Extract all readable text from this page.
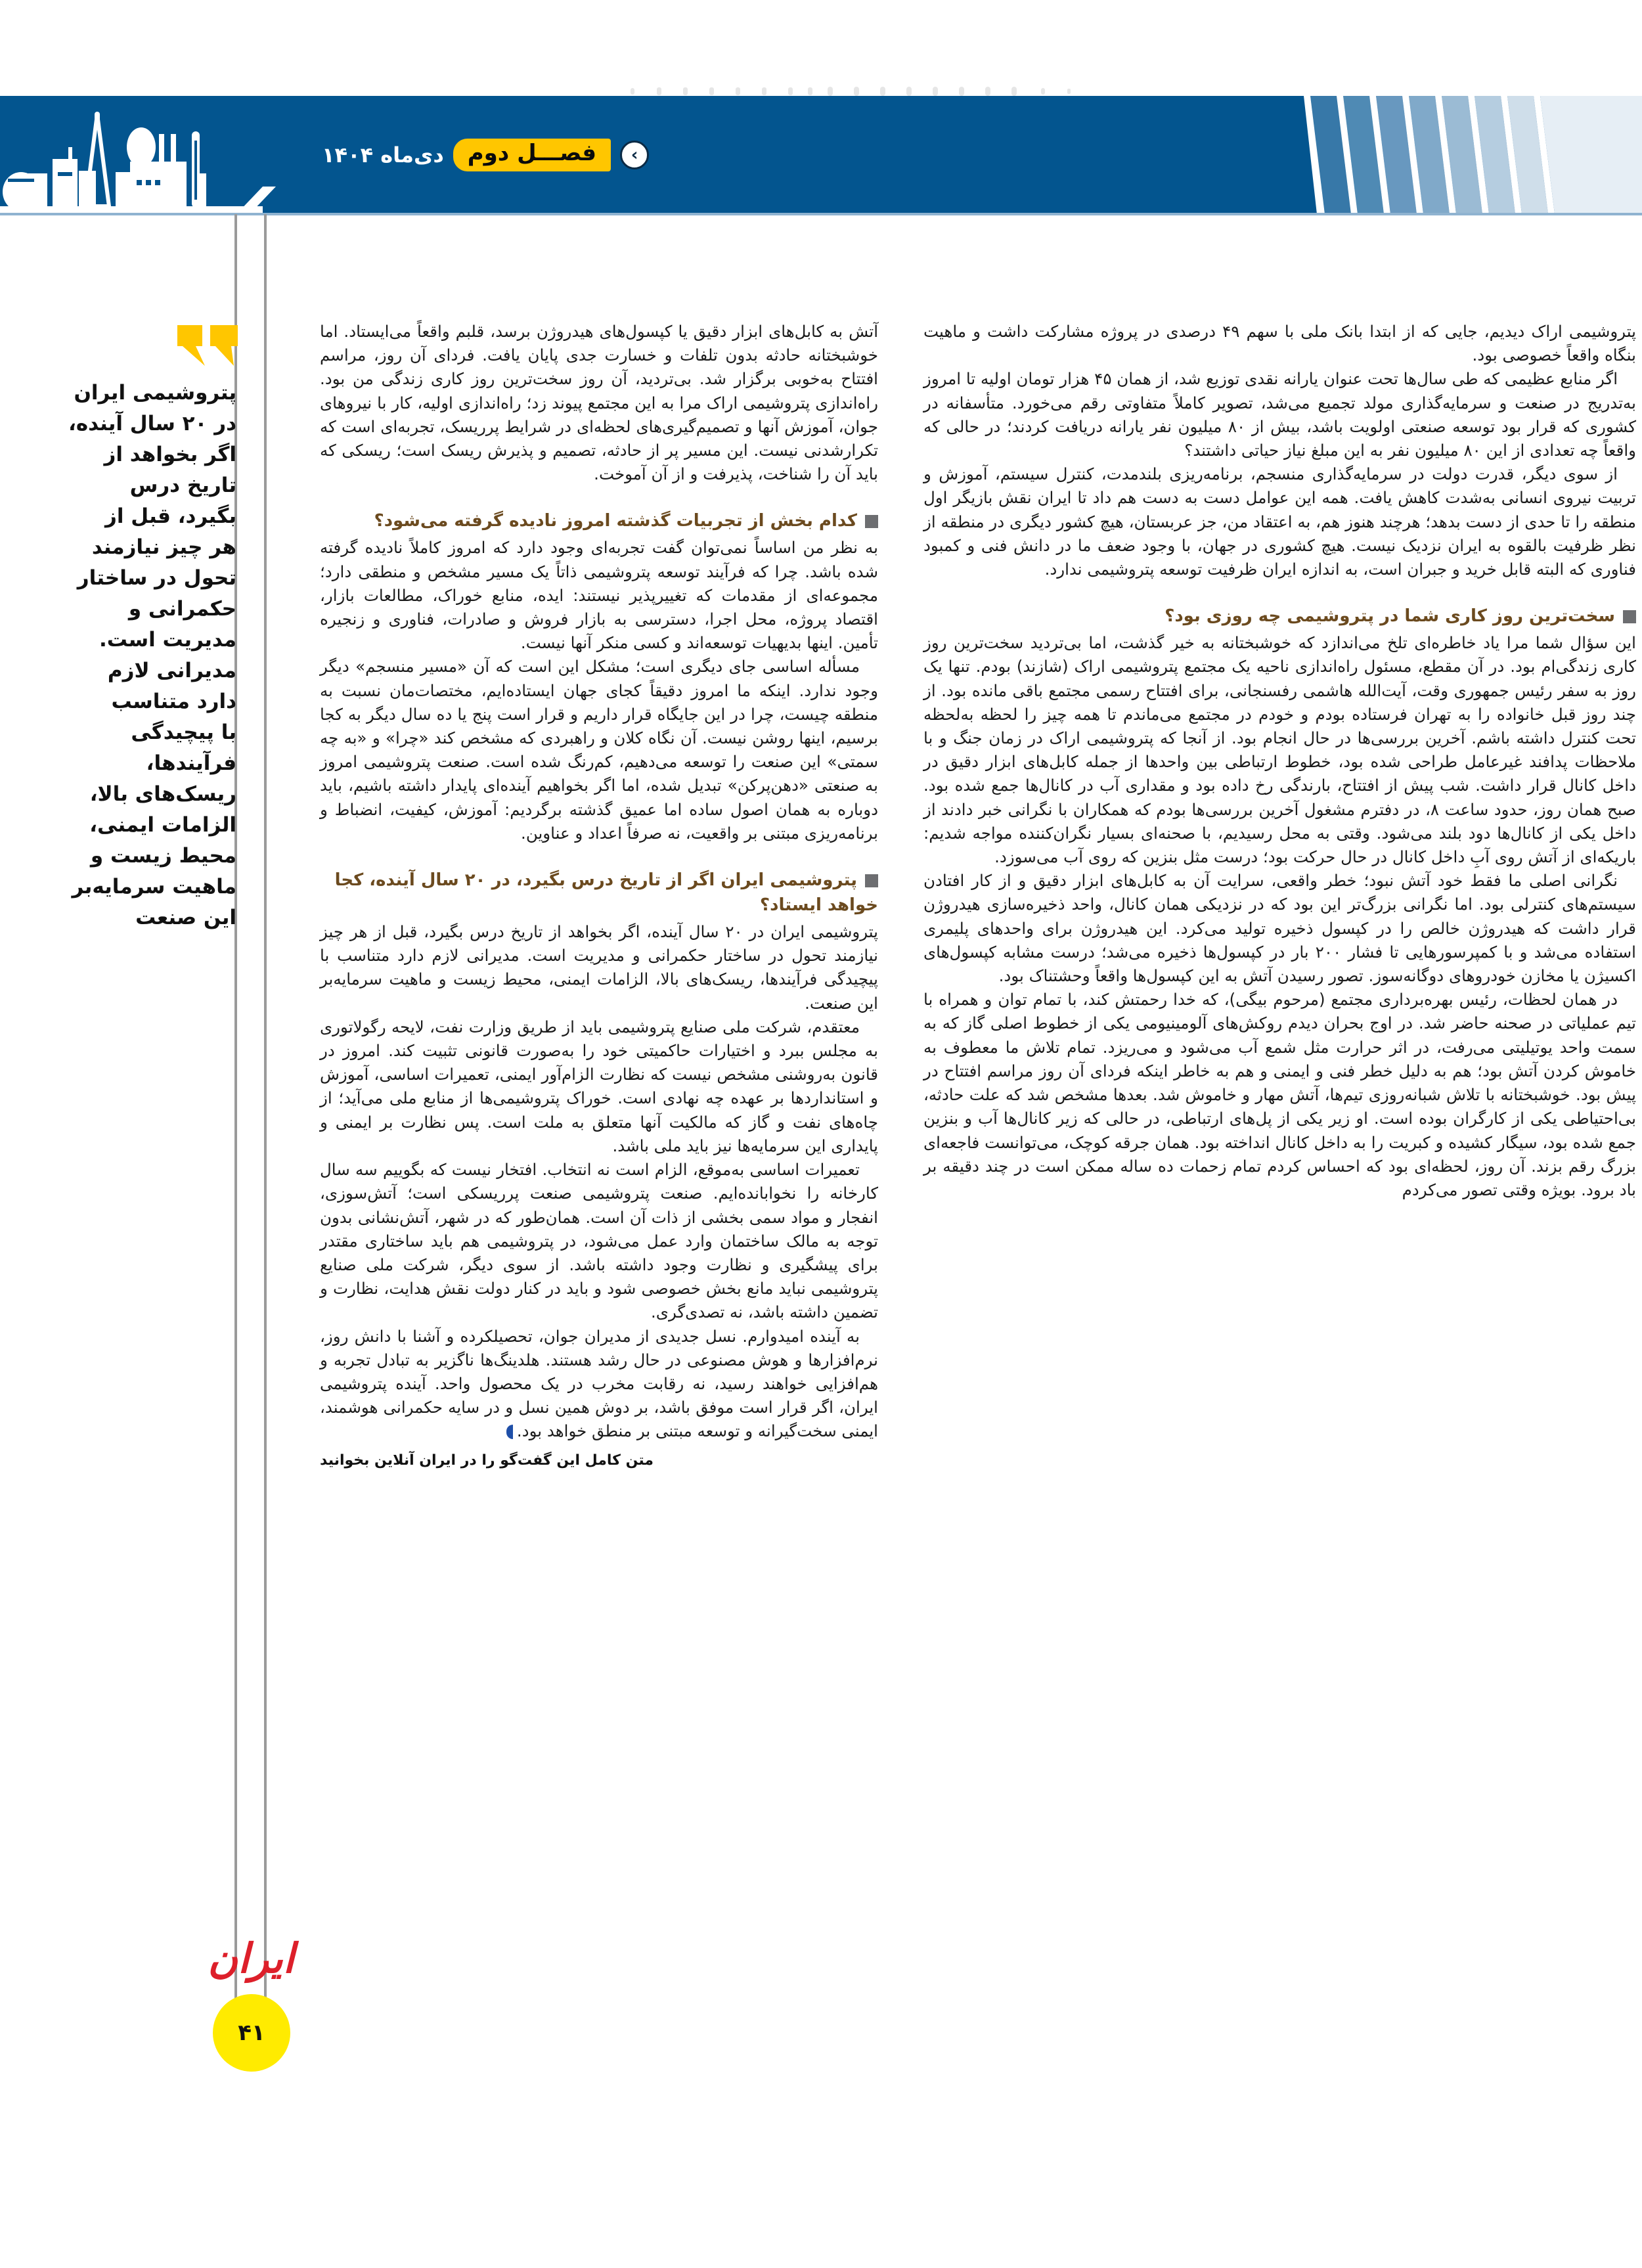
‹
فصـــل دوم
دی‌ماه ۱۴۰۴
پتروشیمی ایران
در ۲۰ سال آینده،
اگر بخواهد از
تاریخ درس
بگیرد، قبل از
هر چیز نیازمند
تحول در ساختار
حکمرانی و
مدیریت است.
مدیرانی لازم
دارد متناسب
با پیچیدگی
فرآیندها،
ریسک‌های بالا،
الزامات ایمنی،
محیط زیست و
ماهیت سرمایه‌بر
این صنعت

پتروشیمی اراک دیدیم، جایی که از ابتدا بانک ملی با سهم ۴۹ درصدی در پروژه مشارکت داشت و ماهیت بنگاه واقعاً خصوصی بود.

اگر منابع عظیمی که طی سال‌ها تحت عنوان یارانه نقدی توزیع شد، از همان ۴۵ هزار تومان اولیه تا امروز به‌تدریج در صنعت و سرمایه‌گذاری مولد تجمیع می‌شد، تصویر کاملاً متفاوتی رقم می‌خورد. متأسفانه در کشوری که قرار بود توسعه صنعتی اولویت باشد، بیش از ۸۰ میلیون نفر یارانه دریافت کردند؛ در حالی که واقعاً چه تعدادی از این ۸۰ میلیون نفر به این مبلغ نیاز حیاتی داشتند؟

از سوی دیگر، قدرت دولت در سرمایه‌گذاری منسجم، برنامه‌ریزی بلندمدت، کنترل سیستم، آموزش و تربیت نیروی انسانی به‌شدت کاهش یافت. همه این عوامل دست به دست هم داد تا ایران نقش بازیگر اول منطقه را تا حدی از دست بدهد؛ هرچند هنوز هم، به اعتقاد من، جز عربستان، هیچ کشور دیگری در منطقه از نظر ظرفیت بالقوه به ایران نزدیک نیست. هیچ کشوری در جهان، با وجود ضعف ما در دانش فنی و کمبود فناوری که البته قابل خرید و جبران است، به اندازه ایران ظرفیت توسعه پتروشیمی ندارد.

سخت‌ترین روز کاری شما در پتروشیمی چه روزی بود؟

این سؤال شما مرا یاد خاطره‌ای تلخ می‌اندازد که خوشبختانه به خیر گذشت، اما بی‌تردید سخت‌ترین روز کاری زندگی‌ام بود. در آن مقطع، مسئول راه‌اندازی ناحیه یک مجتمع پتروشیمی اراک (شازند) بودم. تنها یک روز به سفر رئیس جمهوری وقت، آیت‌الله هاشمی رفسنجانی، برای افتتاح رسمی مجتمع باقی مانده بود. از چند روز قبل خانواده را به تهران فرستاده بودم و خودم در مجتمع می‌ماندم تا همه چیز را لحظه به‌لحظه تحت کنترل داشته باشم. آخرین بررسی‌ها در حال انجام بود. از آنجا که پتروشیمی اراک در زمان جنگ و با ملاحظات پدافند غیرعامل طراحی شده بود، خطوط ارتباطی بین واحدها از جمله کابل‌های ابزار دقیق در داخل کانال قرار داشت. شب پیش از افتتاح، بارندگی رخ داده بود و مقداری آب در کانال‌ها جمع شده بود. صبح همان روز، حدود ساعت ۸، در دفترم مشغول آخرین بررسی‌ها بودم که همکاران با نگرانی خبر دادند از داخل یکی از کانال‌ها دود بلند می‌شود. وقتی به محل رسیدیم، با صحنه‌ای بسیار نگران‌کننده مواجه شدیم: باریکه‌ای از آتش روی آبِ داخل کانال در حال حرکت بود؛ درست مثل بنزین که روی آب می‌سوزد.

نگرانی اصلی ما فقط خود آتش نبود؛ خطر واقعی، سرایت آن به کابل‌های ابزار دقیق و از کار افتادن سیستم‌های کنترلی بود. اما نگرانی بزرگ‌تر این بود که در نزدیکی همان کانال، واحد ذخیره‌سازی هیدروژن قرار داشت که هیدروژن خالص را در کپسول ذخیره تولید می‌کرد. این هیدروژن برای واحدهای پلیمری استفاده می‌شد و با کمپرسورهایی تا فشار ۲۰۰ بار در کپسول‌ها ذخیره می‌شد؛ درست مشابه کپسول‌های اکسیژن یا مخازن خودروهای دوگانه‌سوز. تصور رسیدن آتش به این کپسول‌ها واقعاً وحشتناک بود.

در همان لحظات، رئیس بهره‌برداری مجتمع (مرحوم بیگی)، که خدا رحمتش کند، با تمام توان و همراه با تیم عملیاتی در صحنه حاضر شد. در اوج بحران دیدم روکش‌های آلومینیومی یکی از خطوط اصلی گاز که به سمت واحد یوتیلیتی می‌رفت، در اثر حرارت مثل شمع آب می‌شود و می‌ریزد. تمام تلاش ما معطوف به خاموش کردن آتش بود؛ هم به دلیل خطر فنی و ایمنی و هم به خاطر اینکه فردای آن روز مراسم افتتاح در پیش بود. خوشبختانه با تلاش شبانه‌روزی تیم‌ها، آتش مهار و خاموش شد. بعدها مشخص شد که علت حادثه، بی‌احتیاطی یکی از کارگران بوده است. او زیر یکی از پل‌های ارتباطی، در حالی که زیر کانال‌ها آب و بنزین جمع شده بود، سیگار کشیده و کبریت را به داخل کانال انداخته بود. همان جرقه کوچک، می‌توانست فاجعه‌ای بزرگ رقم بزند. آن روز، لحظه‌ای بود که احساس کردم تمام زحمات ده ساله ممکن است در چند دقیقه بر باد برود. بویژه وقتی تصور می‌کردم

آتش به کابل‌های ابزار دقیق یا کپسول‌های هیدروژن برسد، قلبم واقعاً می‌ایستاد. اما خوشبختانه حادثه بدون تلفات و خسارت جدی پایان یافت. فردای آن روز، مراسم افتتاح به‌خوبی برگزار شد. بی‌تردید، آن روز سخت‌ترین روز کاری زندگی من بود. راه‌اندازی پتروشیمی اراک مرا به این مجتمع پیوند زد؛ راه‌اندازی اولیه، کار با نیروهای جوان، آموزش آنها و تصمیم‌گیری‌های لحظه‌ای در شرایط پرریسک، تجربه‌ای است که تکرارشدنی نیست. این مسیر پر از حادثه، تصمیم و پذیرش ریسک است؛ ریسکی که باید آن را شناخت، پذیرفت و از آن آموخت.

کدام بخش از تجربیات گذشته امروز نادیده گرفته می‌شود؟

به نظر من اساساً نمی‌توان گفت تجربه‌ای وجود دارد که امروز کاملاً نادیده گرفته شده باشد. چرا که فرآیند توسعه پتروشیمی ذاتاً یک مسیر مشخص و منطقی دارد؛ مجموعه‌ای از مقدمات که تغییرپذیر نیستند: ایده، منابع خوراک، مطالعات بازار، اقتصاد پروژه، محل اجرا، دسترسی به بازار فروش و صادرات، فناوری و زنجیره تأمین. اینها بدیهیات توسعه‌اند و کسی منکر آنها نیست.

مسأله اساسی جای دیگری است؛ مشکل این است که آن «مسیر منسجم» دیگر وجود ندارد. اینکه ما امروز دقیقاً کجای جهان ایستاده‌ایم، مختصات‌مان نسبت به منطقه چیست، چرا در این جایگاه قرار داریم و قرار است پنج یا ده سال دیگر به کجا برسیم، اینها روشن نیست. آن نگاه کلان و راهبردی که مشخص کند «چرا» و «به چه سمتی» این صنعت را توسعه می‌دهیم، کم‌رنگ شده است. صنعت پتروشیمی امروز به صنعتی «دهن‌پرکن» تبدیل شده، اما اگر بخواهیم آینده‌ای پایدار داشته باشیم، باید دوباره به همان اصول ساده اما عمیق گذشته برگردیم: آموزش، کیفیت، انضباط و برنامه‌ریزی مبتنی بر واقعیت، نه صرفاً اعداد و عناوین.

پتروشیمی ایران اگر از تاریخ درس بگیرد، در ۲۰ سال آینده، کجا خواهد ایستاد؟

پتروشیمی ایران در ۲۰ سال آینده، اگر بخواهد از تاریخ درس بگیرد، قبل از هر چیز نیازمند تحول در ساختار حکمرانی و مدیریت است. مدیرانی لازم دارد متناسب با پیچیدگی فرآیندها، ریسک‌های بالا، الزامات ایمنی، محیط زیست و ماهیت سرمایه‌بر این صنعت.

معتقدم، شرکت ملی صنایع پتروشیمی باید از طریق وزارت نفت، لایحه رگولاتوری به مجلس ببرد و اختیارات حاکمیتی خود را به‌صورت قانونی تثبیت کند. امروز در قانون به‌روشنی مشخص نیست که نظارت الزام‌آور ایمنی، تعمیرات اساسی، آموزش و استانداردها بر عهده چه نهادی است. خوراک پتروشیمی‌ها از منابع ملی می‌آید؛ از چاه‌های نفت و گاز که مالکیت آنها متعلق به ملت است. پس نظارت بر ایمنی و پایداری این سرمایه‌ها نیز باید ملی باشد.

تعمیرات اساسی به‌موقع، الزام است نه انتخاب. افتخار نیست که بگوییم سه سال کارخانه را نخوابانده‌ایم. صنعت پتروشیمی صنعت پرریسکی است؛ آتش‌سوزی، انفجار و مواد سمی بخشی از ذات آن است. همان‌طور که در شهر، آتش‌نشانی بدون توجه به مالک ساختمان وارد عمل می‌شود، در پتروشیمی هم باید ساختاری مقتدر برای پیشگیری و نظارت وجود داشته باشد. از سوی دیگر، شرکت ملی صنایع پتروشیمی نباید مانع بخش خصوصی شود و باید در کنار دولت نقش هدایت، نظارت و تضمین داشته باشد، نه تصدی‌گری.

به آینده امیدوارم. نسل جدیدی از مدیران جوان، تحصیلکرده و آشنا با دانش روز، نرم‌افزارها و هوش مصنوعی در حال رشد هستند. هلدینگ‌ها ناگزیر به تبادل تجربه و هم‌افزایی خواهند رسید، نه رقابت مخرب در یک محصول واحد. آینده پتروشیمی ایران، اگر قرار است موفق باشد، بر دوش همین نسل و در سایه حکمرانی هوشمند، ایمنی سخت‌گیرانه و توسعه مبتنی بر منطق خواهد بود.

متن کامل این گفت‌گو را در ایران آنلاین بخوانید
ایران
۴۱
